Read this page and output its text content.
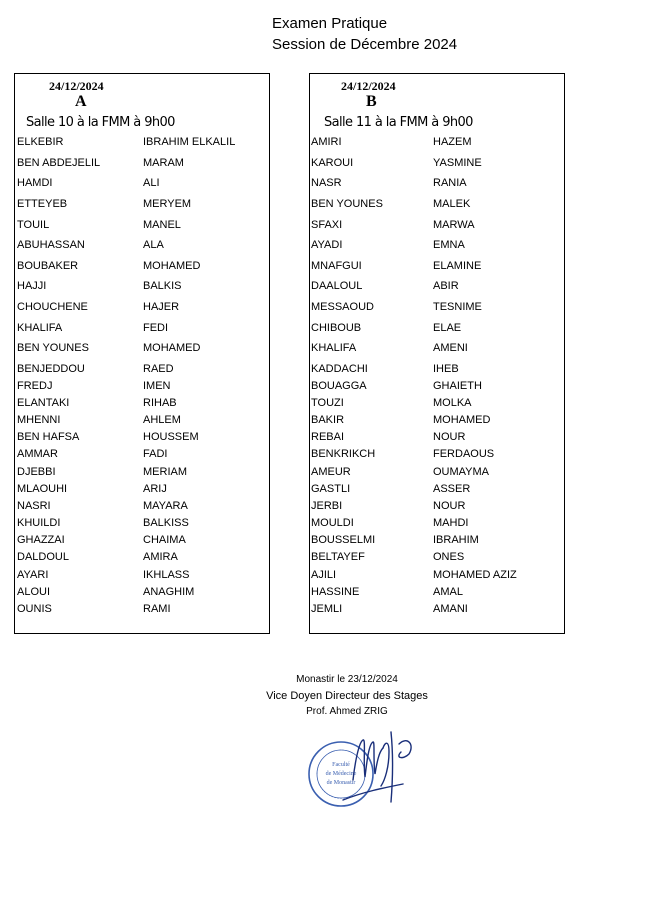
Examen Pratique
Session de Décembre 2024
24/12/2024
A
Salle 10 à la FMM à 9h00
ELKEBIR	IBRAHIM ELKALIL
BEN ABDEJELIL	MARAM
HAMDI	ALI
ETTEYEB	MERYEM
TOUIL	MANEL
ABUHASSAN	ALA
BOUBAKER	MOHAMED
HAJJI	BALKIS
CHOUCHENE	HAJER
KHALIFA	FEDI
BEN YOUNES	MOHAMED
BENJEDDOU	RAED
FREDJ	IMEN
ELANTAKI	RIHAB
MHENNI	AHLEM
BEN HAFSA	HOUSSEM
AMMAR	FADI
DJEBBI	MERIAM
MLAOUHI	ARIJ
NASRI	MAYARA
KHUILDI	BALKISS
GHAZZAI	CHAIMA
DALDOUL	AMIRA
AYARI	IKHLASS
ALOUI	ANAGHIM
OUNIS	RAMI
24/12/2024
B
Salle 11 à la FMM à 9h00
AMIRI	HAZEM
KAROUI	YASMINE
NASR	RANIA
BEN YOUNES	MALEK
SFAXI	MARWA
AYADI	EMNA
MNAFGUI	ELAMINE
DAALOUL	ABIR
MESSAOUD	TESNIME
CHIBOUB	ELAE
KHALIFA	AMENI
KADDACHI	IHEB
BOUAGGA	GHAIETH
TOUZI	MOLKA
BAKIR	MOHAMED
REBAI	NOUR
BENKRIKCH	FERDAOUS
AMEUR	OUMAYMA
GASTLI	ASSER
JERBI	NOUR
MOULDI	MAHDI
BOUSSELMI	IBRAHIM
BELTAYEF	ONES
AJILI	MOHAMED AZIZ
HASSINE	AMAL
JEMLI	AMANI
Monastir le 23/12/2024
Vice Doyen Directeur des Stages
Prof. Ahmed ZRIG
Faculté
de Médecine
de Monastir
